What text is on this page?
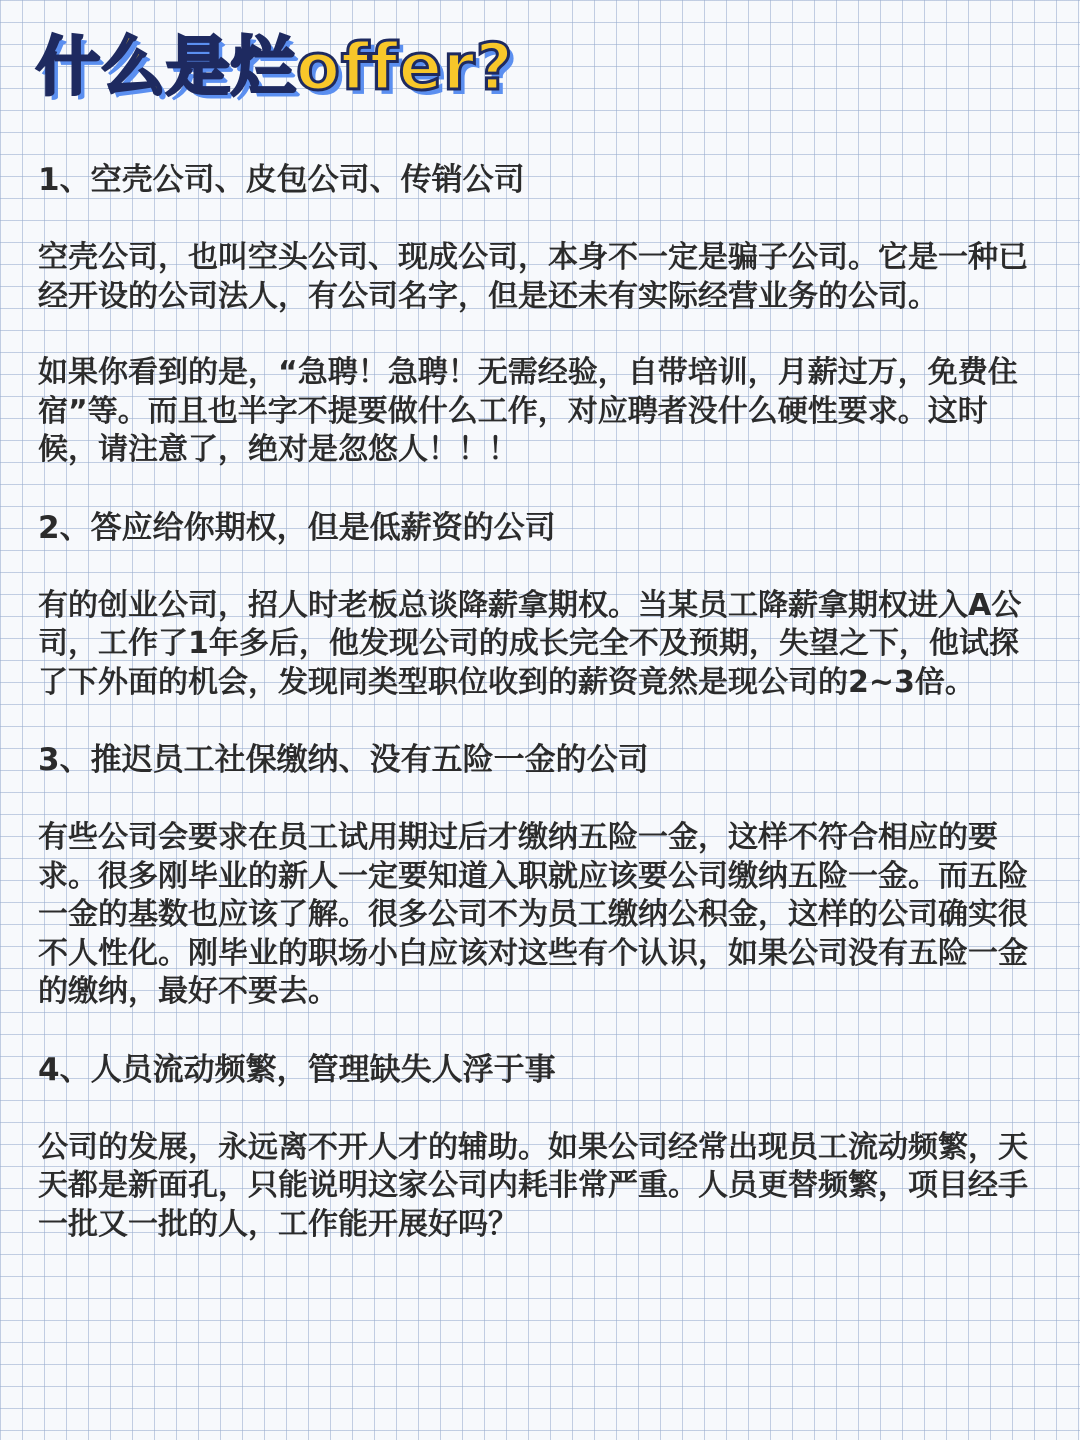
什么是烂offer?
1、空壳公司、皮包公司、传销公司

空壳公司，也叫空头公司、现成公司，本身不一定是骗子公司。它是一种已经开设的公司法人，有公司名字，但是还未有实际经营业务的公司。

如果你看到的是，“急聘！急聘！无需经验，自带培训，月薪过万，免费住宿”等。而且也半字不提要做什么工作，对应聘者没什么硬性要求。这时候，请注意了，绝对是忽悠人！！！

2、答应给你期权，但是低薪资的公司

有的创业公司，招人时老板总谈降薪拿期权。当某员工降薪拿期权进入A公司，工作了1年多后，他发现公司的成长完全不及预期，失望之下，他试探了下外面的机会，发现同类型职位收到的薪资竟然是现公司的2~3倍。

3、推迟员工社保缴纳、没有五险一金的公司

有些公司会要求在员工试用期过后才缴纳五险一金，这样不符合相应的要求。很多刚毕业的新人一定要知道入职就应该要公司缴纳五险一金。而五险一金的基数也应该了解。很多公司不为员工缴纳公积金，这样的公司确实很不人性化。刚毕业的职场小白应该对这些有个认识，如果公司没有五险一金的缴纳，最好不要去。

4、人员流动频繁，管理缺失人浮于事

公司的发展，永远离不开人才的辅助。如果公司经常出现员工流动频繁，天天都是新面孔，只能说明这家公司内耗非常严重。人员更替频繁，项目经手一批又一批的人，工作能开展好吗？
